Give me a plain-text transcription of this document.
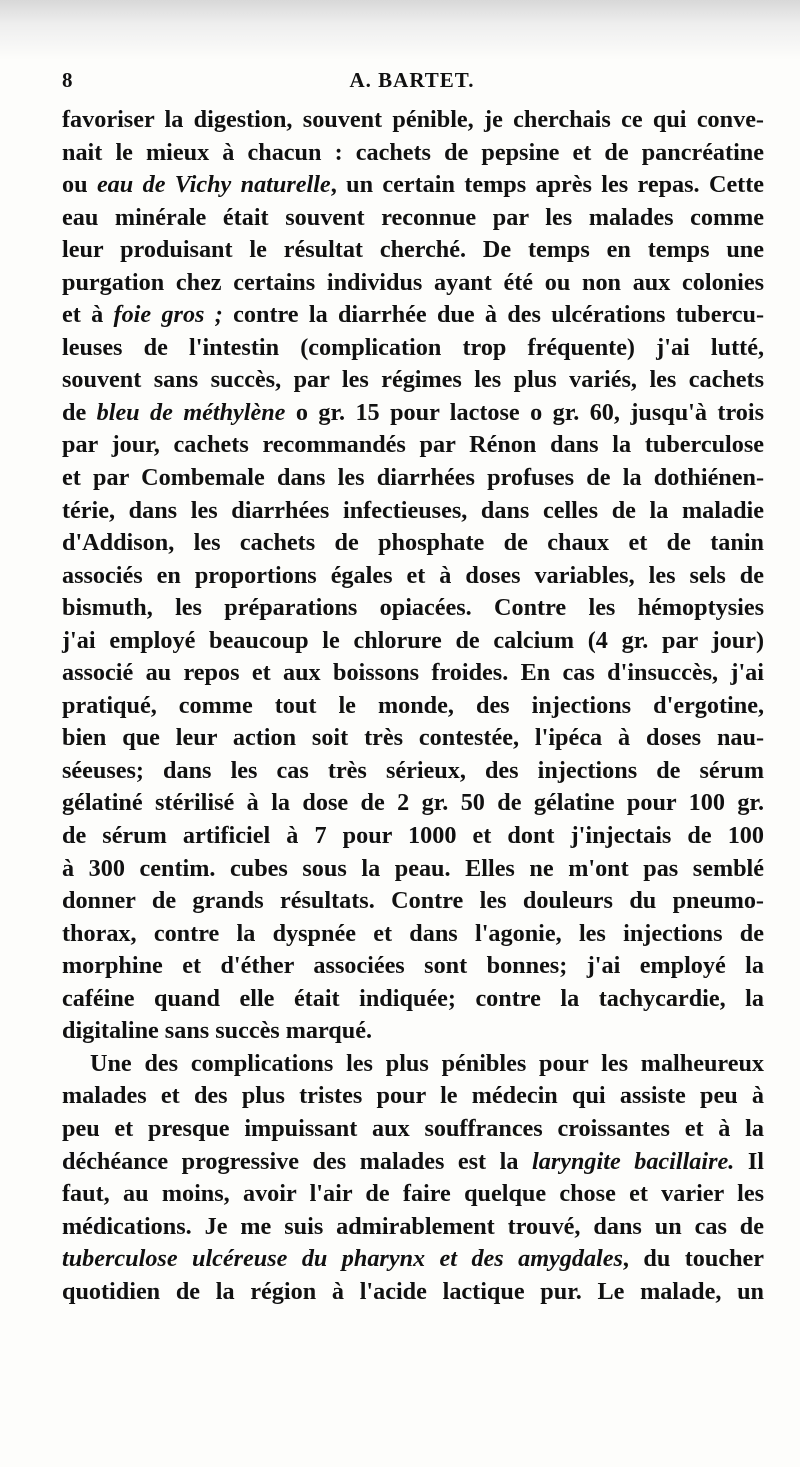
8	A. BARTET.
favoriser la digestion, souvent pénible, je cherchais ce qui conve-
nait le mieux à chacun : cachets de pepsine et de pancréatine
ou eau de Vichy naturelle, un certain temps après les repas. Cette
eau minérale était souvent reconnue par les malades comme
leur produisant le résultat cherché. De temps en temps une
purgation chez certains individus ayant été ou non aux colonies
et à foie gros ; contre la diarrhée due à des ulcérations tubercu-
leuses de l'intestin (complication trop fréquente) j'ai lutté,
souvent sans succès, par les régimes les plus variés, les cachets
de bleu de méthylène o gr. 15 pour lactose o gr. 60, jusqu'à trois
par jour, cachets recommandés par Rénon dans la tuberculose
et par Combemale dans les diarrhées profuses de la dothiénen-
térie, dans les diarrhées infectieuses, dans celles de la maladie
d'Addison, les cachets de phosphate de chaux et de tanin
associés en proportions égales et à doses variables, les sels de
bismuth, les préparations opiacées. Contre les hémoptysies
j'ai employé beaucoup le chlorure de calcium (4 gr. par jour)
associé au repos et aux boissons froides. En cas d'insuccès, j'ai
pratiqué, comme tout le monde, des injections d'ergotine,
bien que leur action soit très contestée, l'ipéca à doses nau-
séeuses; dans les cas très sérieux, des injections de sérum
gélatiné stérilisé à la dose de 2 gr. 50 de gélatine pour 100 gr.
de sérum artificiel à 7 pour 1000 et dont j'injectais de 100
à 300 centim. cubes sous la peau. Elles ne m'ont pas semblé
donner de grands résultats. Contre les douleurs du pneumo-
thorax, contre la dyspnée et dans l'agonie, les injections de
morphine et d'éther associées sont bonnes; j'ai employé la
caféine quand elle était indiquée; contre la tachycardie, la
digitaline sans succès marqué.
Une des complications les plus pénibles pour les malheureux
malades et des plus tristes pour le médecin qui assiste peu à
peu et presque impuissant aux souffrances croissantes et à la
déchéance progressive des malades est la laryngite bacillaire. Il
faut, au moins, avoir l'air de faire quelque chose et varier les
médications. Je me suis admirablement trouvé, dans un cas de
tuberculose ulcéreuse du pharynx et des amygdales, du toucher
quotidien de la région à l'acide lactique pur. Le malade, un
